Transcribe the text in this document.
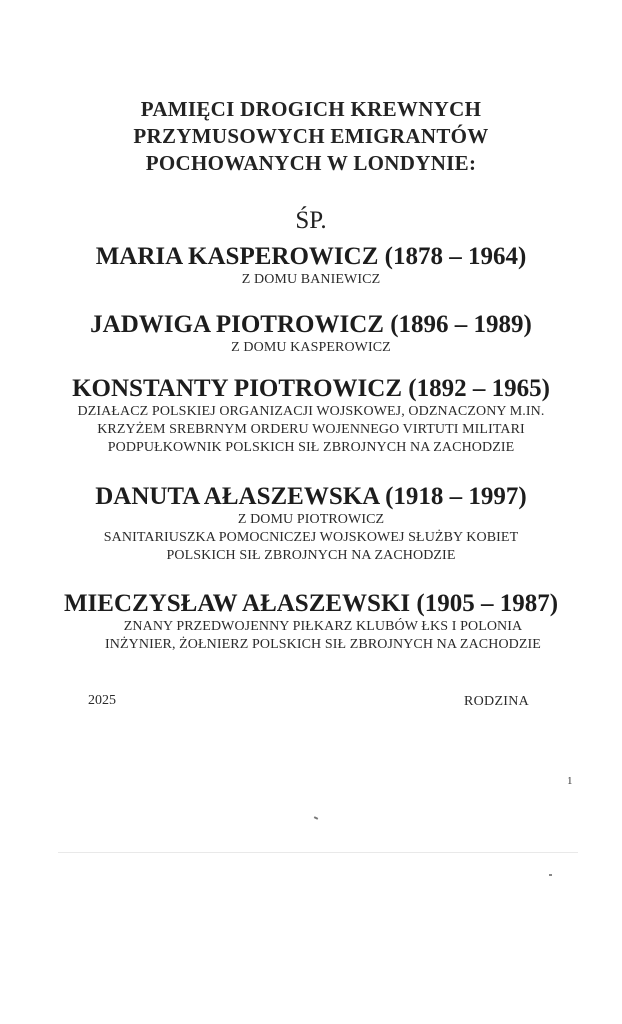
PAMIĘCI DROGICH KREWNYCH
PRZYMUSOWYCH EMIGRANTÓW
POCHOWANYCH W LONDYNIE:
ŚP.
MARIA KASPEROWICZ (1878 – 1964)
Z DOMU BANIEWICZ
JADWIGA PIOTROWICZ (1896 – 1989)
Z DOMU KASPEROWICZ
KONSTANTY PIOTROWICZ (1892 – 1965)
DZIAŁACZ POLSKIEJ ORGANIZACJI WOJSKOWEJ, ODZNACZONY M.IN.
KRZYŻEM SREBRNYM ORDERU WOJENNEGO VIRTUTI MILITARI
PODPUŁKOWNIK POLSKICH SIŁ ZBROJNYCH NA ZACHODZIE
DANUTA AŁASZEWSKA (1918 – 1997)
Z DOMU PIOTROWICZ
SANITARIUSZKA POMOCNICZEJ WOJSKOWEJ SŁUŻBY KOBIET
POLSKICH SIŁ ZBROJNYCH NA ZACHODZIE
MIECZYSŁAW AŁASZEWSKI (1905 – 1987)
ZNANY PRZEDWOJENNY PIŁKARZ KLUBÓW ŁKS I POLONIA
INŻYNIER, ŻOŁNIERZ POLSKICH SIŁ ZBROJNYCH NA ZACHODZIE
2025	RODZINA
1
